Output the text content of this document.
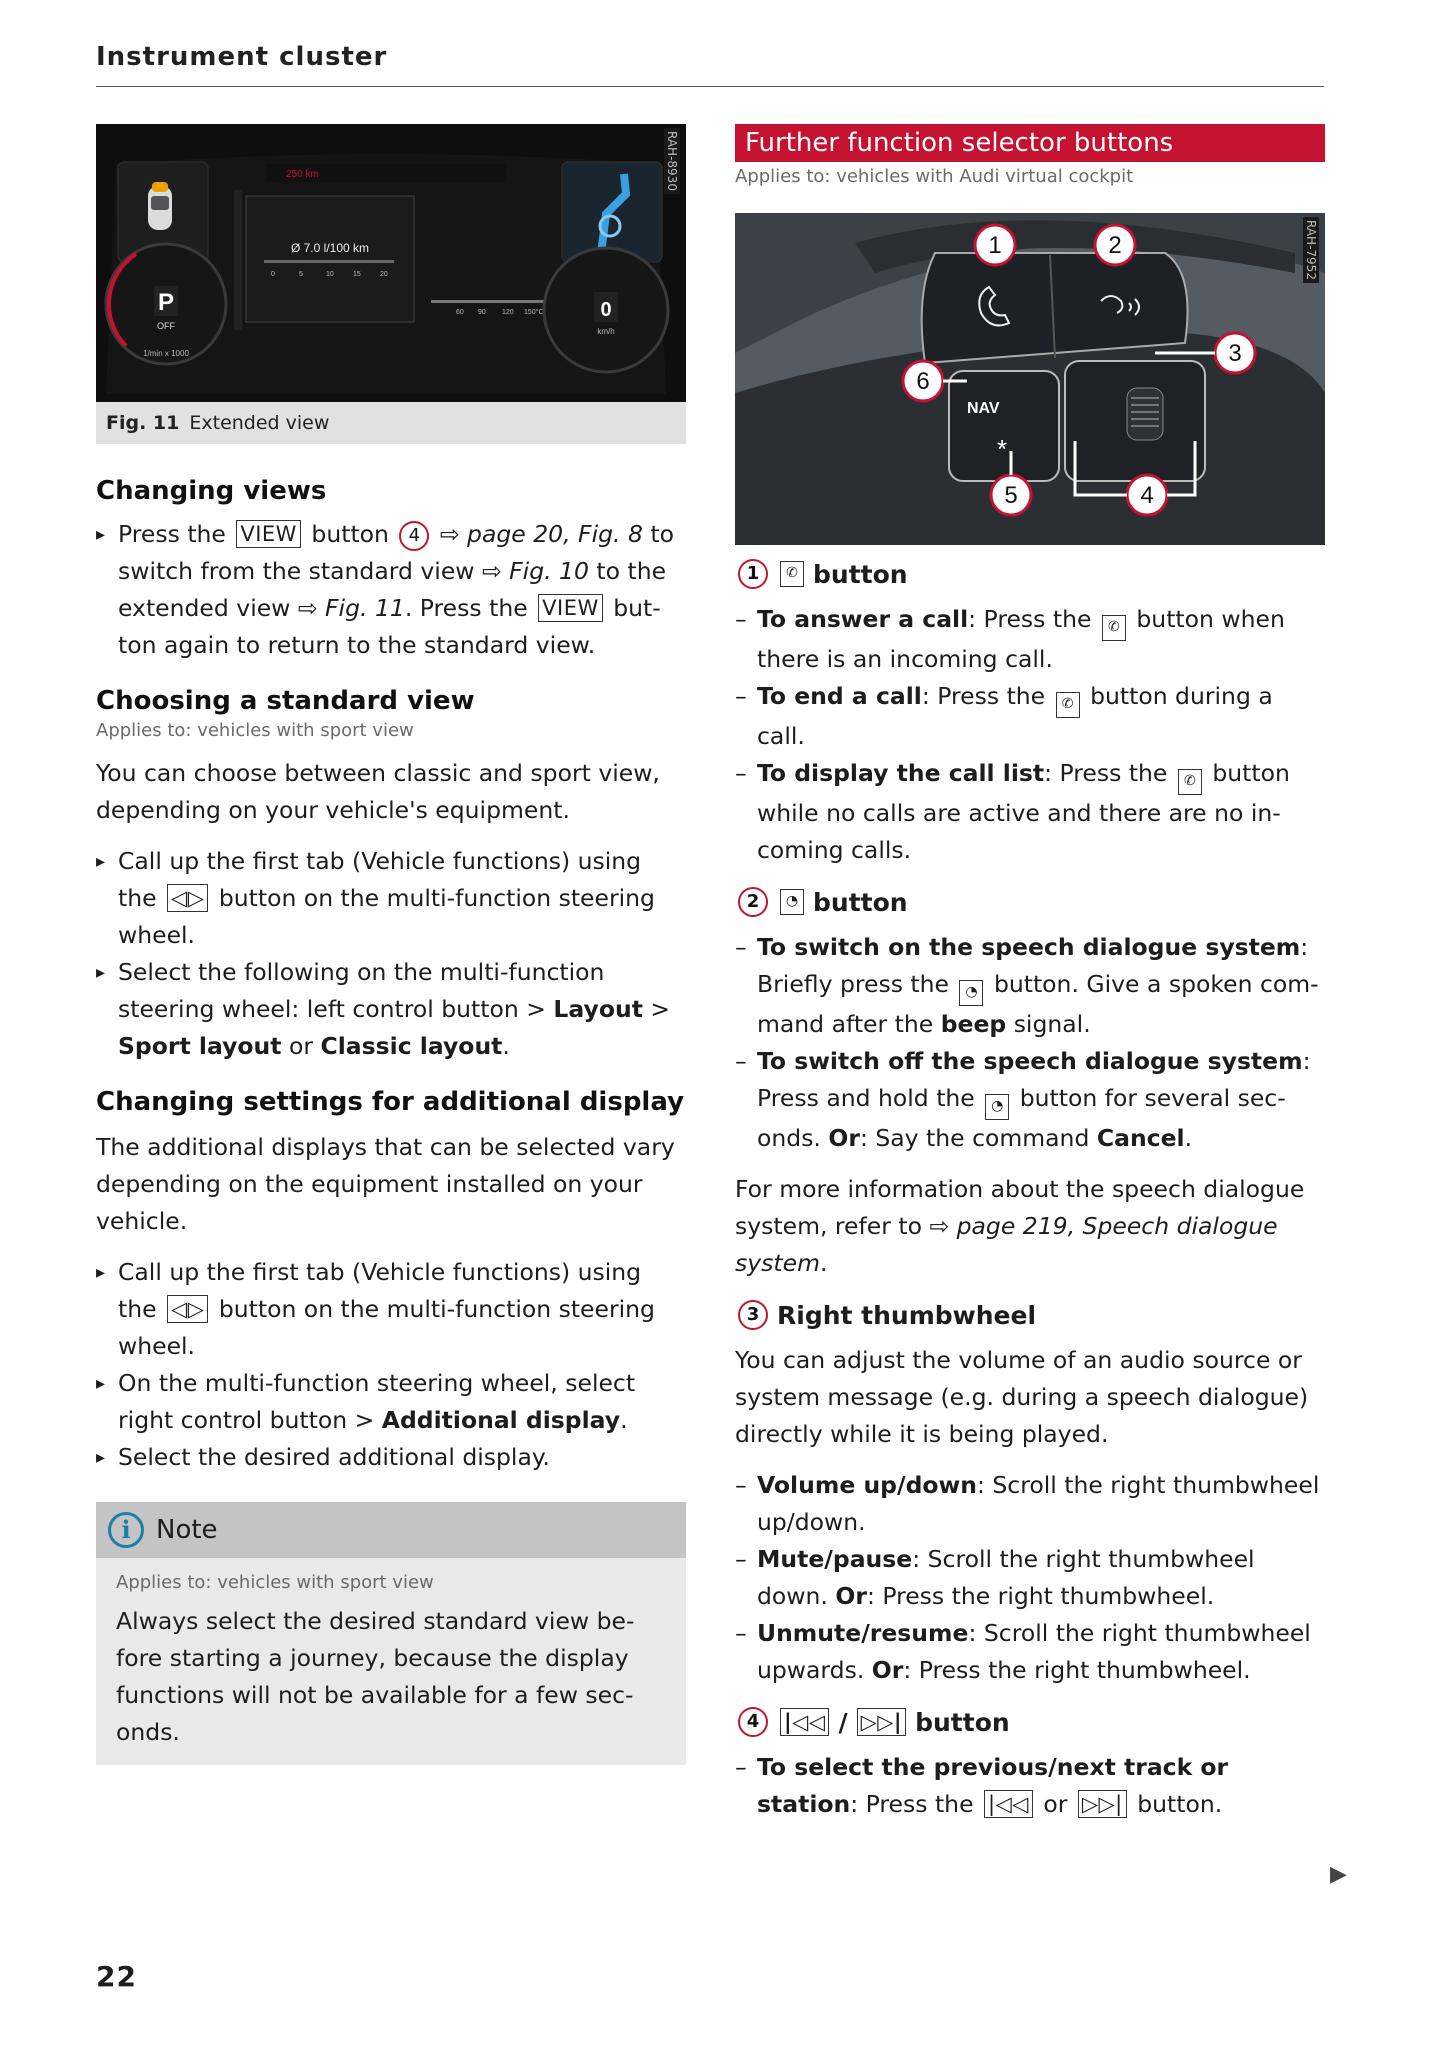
Instrument cluster
P
OFF
1/min x 1000
250 km
Ø 7.0 l/100 km
0	5	10	15	20
60 90 120 150°C	0
km/h
RAH-8930
Fig. 11 Extended view
Changing views
▸ Press the VIEW button 4 ⇨ page 20, Fig. 8 to switch from the standard view ⇨ Fig. 10 to the extended view ⇨ Fig. 11. Press the VIEW but-ton again to return to the standard view.
Choosing a standard view
Applies to: vehicles with sport view

You can choose between classic and sport view, depending on your vehicle's equipment.

▸ Call up the first tab (Vehicle functions) using the ◁▷ button on the multi-function steering wheel.
▸ Select the following on the multi-function steering wheel: left control button > Layout > Sport layout or Classic layout.
Changing settings for additional display

The additional displays that can be selected vary depending on the equipment installed on your vehicle.

▸ Call up the first tab (Vehicle functions) using the ◁▷ button on the multi-function steering wheel.
▸ On the multi-function steering wheel, select right control button > Additional display.
▸ Select the desired additional display.
i Note
Applies to: vehicles with sport view

Always select the desired standard view be-fore starting a journey, because the display functions will not be available for a few sec-onds.

Further function selector buttons
Applies to: vehicles with Audi virtual cockpit
NAV
*
1	2
3
4
5
6
RAH-7952
1	✆ button
– To answer a call: Press the ✆ button when there is an incoming call.
– To end a call: Press the ✆ button during a call.
– To display the call list: Press the ✆ button while no calls are active and there are no in-coming calls.
2	◔ button
– To switch on the speech dialogue system: Briefly press the ◔ button. Give a spoken com-mand after the beep signal.
– To switch off the speech dialogue system: Press and hold the ◔ button for several sec-onds. Or: Say the command Cancel.

For more information about the speech dialogue system, refer to ⇨ page 219, Speech dialogue system.

3 Right thumbwheel

You can adjust the volume of an audio source or system message (e.g. during a speech dialogue) directly while it is being played.

– Volume up/down: Scroll the right thumbwheel up/down.
– Mute/pause: Scroll the right thumbwheel down. Or: Press the right thumbwheel.
– Unmute/resume: Scroll the right thumbwheel upwards. Or: Press the right thumbwheel.
4	|◁◁ / ▷▷| button
– To select the previous/next track or station: Press the |◁◁ or ▷▷| button.
▶
22
